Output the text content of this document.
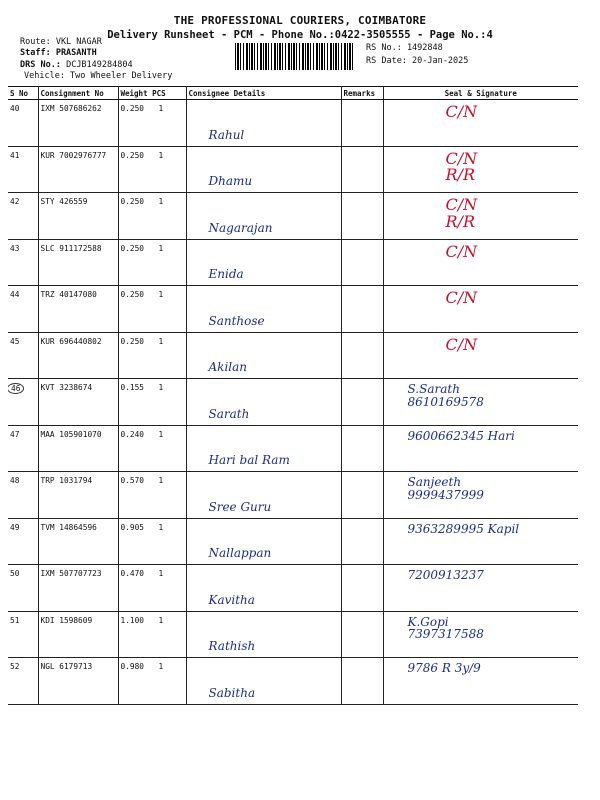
THE PROFESSIONAL COURIERS, COIMBATORE
Delivery Runsheet - PCM - Phone No.:0422-3505555 - Page No.:4
Route: VKL NAGAR
Staff: PRASANTH
DRS No.: DCJB149284804
Vehicle: Two Wheeler Delivery
RS No.: 1492848
RS Date: 20-Jan-2025
S No	Consignment No	Weight PCS	Consignee Details	Remarks	Seal & Signature
40	IXM 507686262	0.250 1	Rahul		C/N

41	KUR 7002976777	0.250 1	Dhamu		C/N
R/R

42	STY 426559	0.250 1	Nagarajan		C/N
R/R

43	SLC 911172588	0.250 1	Enida		C/N

44	TRZ 40147080	0.250 1	Santhose		C/N

45	KUR 696440802	0.250 1	Akilan		C/N

46	KVT 3238674	0.155 1	Sarath		S.Sarath
8610169578

47	MAA 105901070	0.240 1	Hari bal Ram		9600662345 Hari

48	TRP 1031794	0.570 1	Sree Guru		Sanjeeth
9999437999

49	TVM 14864596	0.905 1	Nallappan		9363289995 Kapil

50	IXM 507707723	0.470 1	Kavitha		7200913237

51	KDI 1598609	1.100 1	Rathish		K.Gopi
7397317588

52	NGL 6179713	0.980 1	Sabitha		9786 R 3y/9
